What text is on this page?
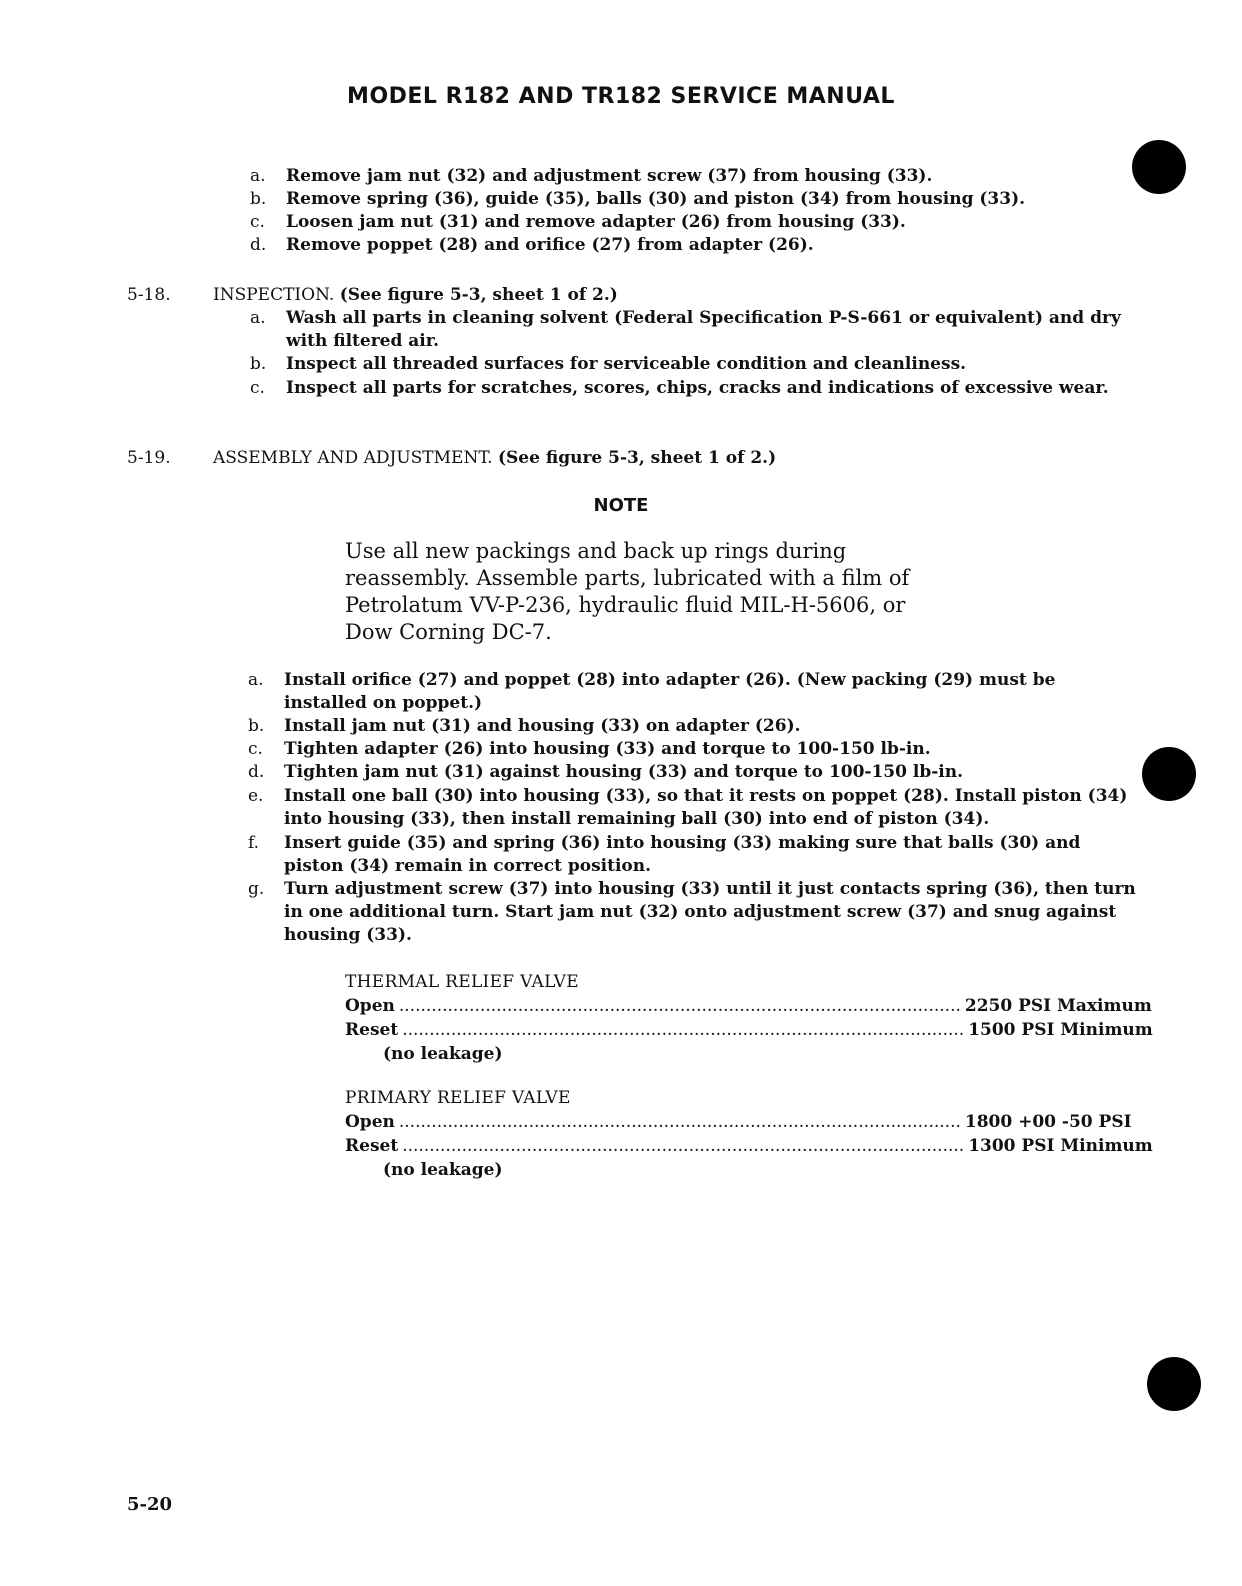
MODEL R182 AND TR182 SERVICE MANUAL
a. Remove jam nut (32) and adjustment screw (37) from housing (33).
b. Remove spring (36), guide (35), balls (30) and piston (34) from housing (33).
c. Loosen jam nut (31) and remove adapter (26) from housing (33).
d. Remove poppet (28) and orifice (27) from adapter (26).
5-18. INSPECTION. (See figure 5-3, sheet 1 of 2.)
a. Wash all parts in cleaning solvent (Federal Specification P-S-661 or equivalent) and dry with filtered air.
b. Inspect all threaded surfaces for serviceable condition and cleanliness.
c. Inspect all parts for scratches, scores, chips, cracks and indications of excessive wear.
5-19. ASSEMBLY AND ADJUSTMENT. (See figure 5-3, sheet 1 of 2.)
NOTE
Use all new packings and back up rings during reassembly. Assemble parts, lubricated with a film of Petrolatum VV-P-236, hydraulic fluid MIL-H-5606, or Dow Corning DC-7.
a. Install orifice (27) and poppet (28) into adapter (26). (New packing (29) must be installed on poppet.)
b. Install jam nut (31) and housing (33) on adapter (26).
c. Tighten adapter (26) into housing (33) and torque to 100-150 lb-in.
d. Tighten jam nut (31) against housing (33) and torque to 100-150 lb-in.
e. Install one ball (30) into housing (33), so that it rests on poppet (28). Install piston (34) into housing (33), then install remaining ball (30) into end of piston (34).
f. Insert guide (35) and spring (36) into housing (33) making sure that balls (30) and piston (34) remain in correct position.
g. Turn adjustment screw (37) into housing (33) until it just contacts spring (36), then turn in one additional turn. Start jam nut (32) onto adjustment screw (37) and snug against housing (33).
THERMAL RELIEF VALVE
Open ........................................................................................................ 2250 PSI Maximum
Reset ........................................................................................................ 1500 PSI Minimum
(no leakage)
PRIMARY RELIEF VALVE
Open ........................................................................................................ 1800 +00 -50 PSI
Reset ........................................................................................................ 1300 PSI Minimum
(no leakage)
5-20
